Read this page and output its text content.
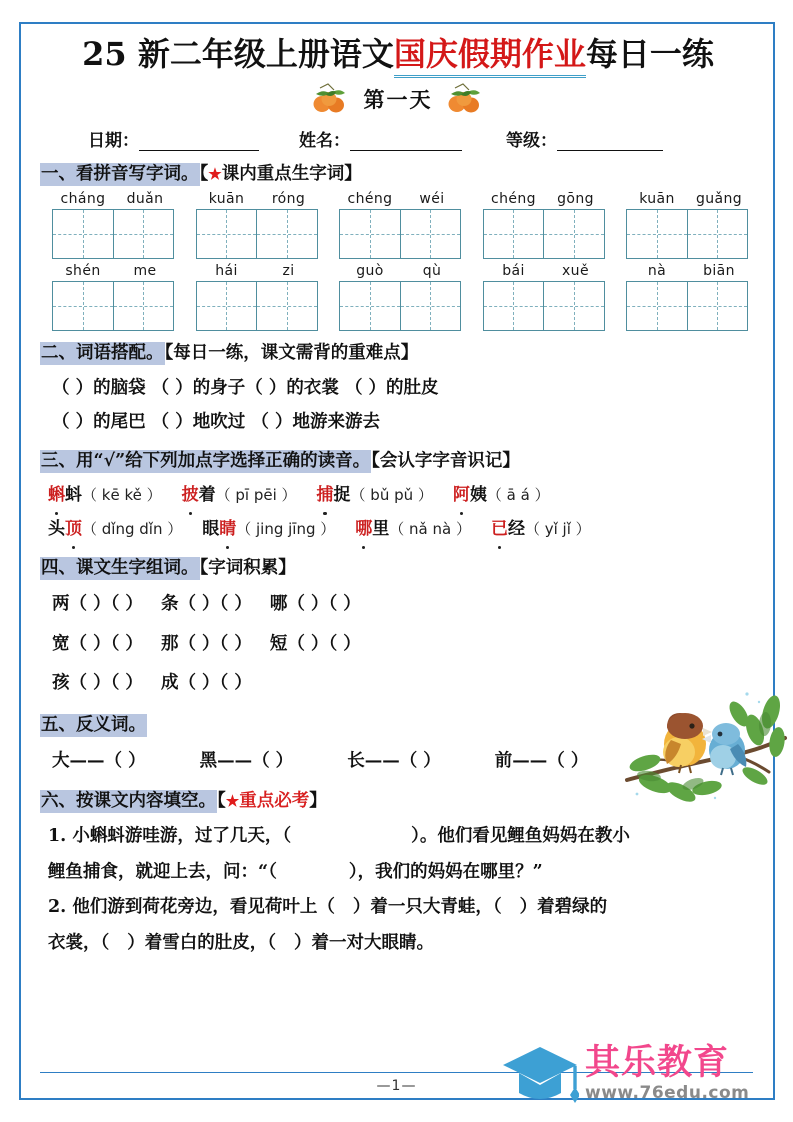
25 新二年级上册语文国庆假期作业每日一练
第一天
日期：	姓名：	等级：
一、看拼音写字词。【★课内重点生字词】
cháng	duǎn	kuān	róng	chéng	wéi	chéng	gōng	kuān	guǎng
shén	me	hái	zi	guò	qù	bái	xuě	nà	biān
二、词语搭配。【每日一练，课文需背的重难点】
（ ）的脑袋 （ ）的身子（ ）的衣裳 （ ）的肚皮
（ ）的尾巴 （ ）地吹过 （ ）地游来游去
三、用“√”给下列加点字选择正确的读音。【会认字字音识记】
蝌蚪（ kē kě ） 披着（ pī pēi ） 捕捉（ bǔ pǔ ） 阿姨（ ā á ）
头顶（ dǐng dǐn ） 眼睛（ jing jīng ） 哪里（ nǎ nà ） 已经（ yǐ jǐ ）
四、课文生字组词。【字词积累】
两（ ）（ ） 条（ ）（ ） 哪（ ）（ ）
宽（ ）（ ） 那（ ）（ ） 短（ ）（ ）
孩（ ）（ ） 成（ ）（ ）
五、反义词。
大——（ ）	黑——（ ）	长——（ ）	前——（ ）
六、按课文内容填空。【★重点必考】
1. 小蝌蚪游哇游，过了几天，（	）。他们看见鲤鱼妈妈在教小
鲤鱼捕食，就迎上去，问：“（	），我们的妈妈在哪里？”
2. 他们游到荷花旁边，看见荷叶上（ ）着一只大青蛙，（ ）着碧绿的
衣裳，（ ）着雪白的肚皮，（ ）着一对大眼睛。
—1—
其乐教育
www.76edu.com
